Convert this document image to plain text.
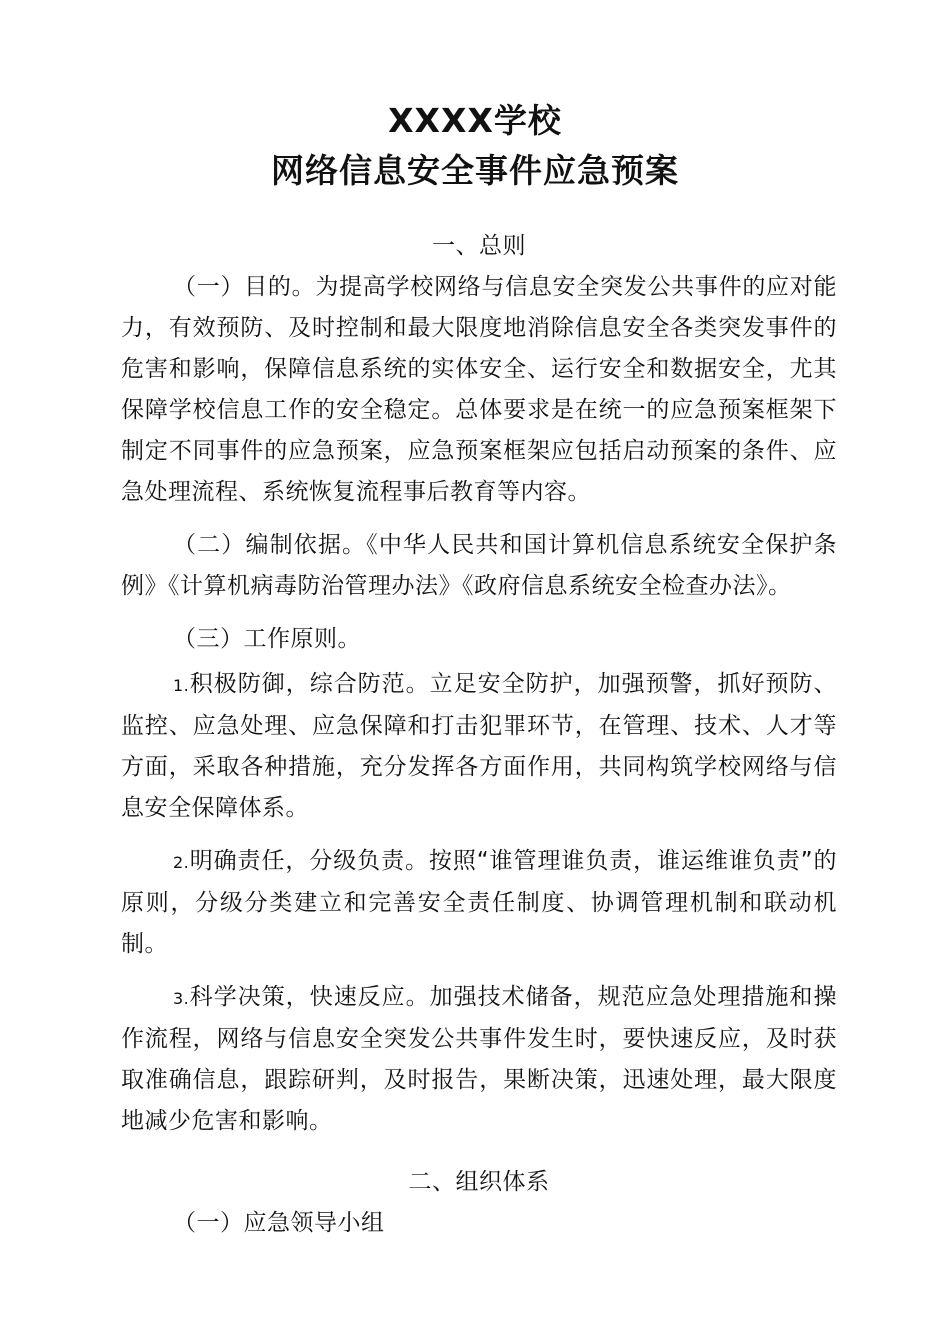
XXXX学校
网络信息安全事件应急预案
一、总则

（一）目的。为提高学校网络与信息安全突发公共事件的应对能力，有效预防、及时控制和最大限度地消除信息安全各类突发事件的危害和影响，保障信息系统的实体安全、运行安全和数据安全，尤其保障学校信息工作的安全稳定。总体要求是在统一的应急预案框架下制定不同事件的应急预案，应急预案框架应包括启动预案的条件、应急处理流程、系统恢复流程事后教育等内容。

（二）编制依据。《中华人民共和国计算机信息系统安全保护条例》《计算机病毒防治管理办法》《政府信息系统安全检查办法》。

（三）工作原则。

1.积极防御，综合防范。立足安全防护，加强预警，抓好预防、监控、应急处理、应急保障和打击犯罪环节，在管理、技术、人才等方面，采取各种措施，充分发挥各方面作用，共同构筑学校网络与信息安全保障体系。

2.明确责任，分级负责。按照“谁管理谁负责，谁运维谁负责”的原则，分级分类建立和完善安全责任制度、协调管理机制和联动机制。

3.科学决策，快速反应。加强技术储备，规范应急处理措施和操作流程，网络与信息安全突发公共事件发生时，要快速反应，及时获取准确信息，跟踪研判，及时报告，果断决策，迅速处理，最大限度地减少危害和影响。

二、组织体系
（一）应急领导小组
